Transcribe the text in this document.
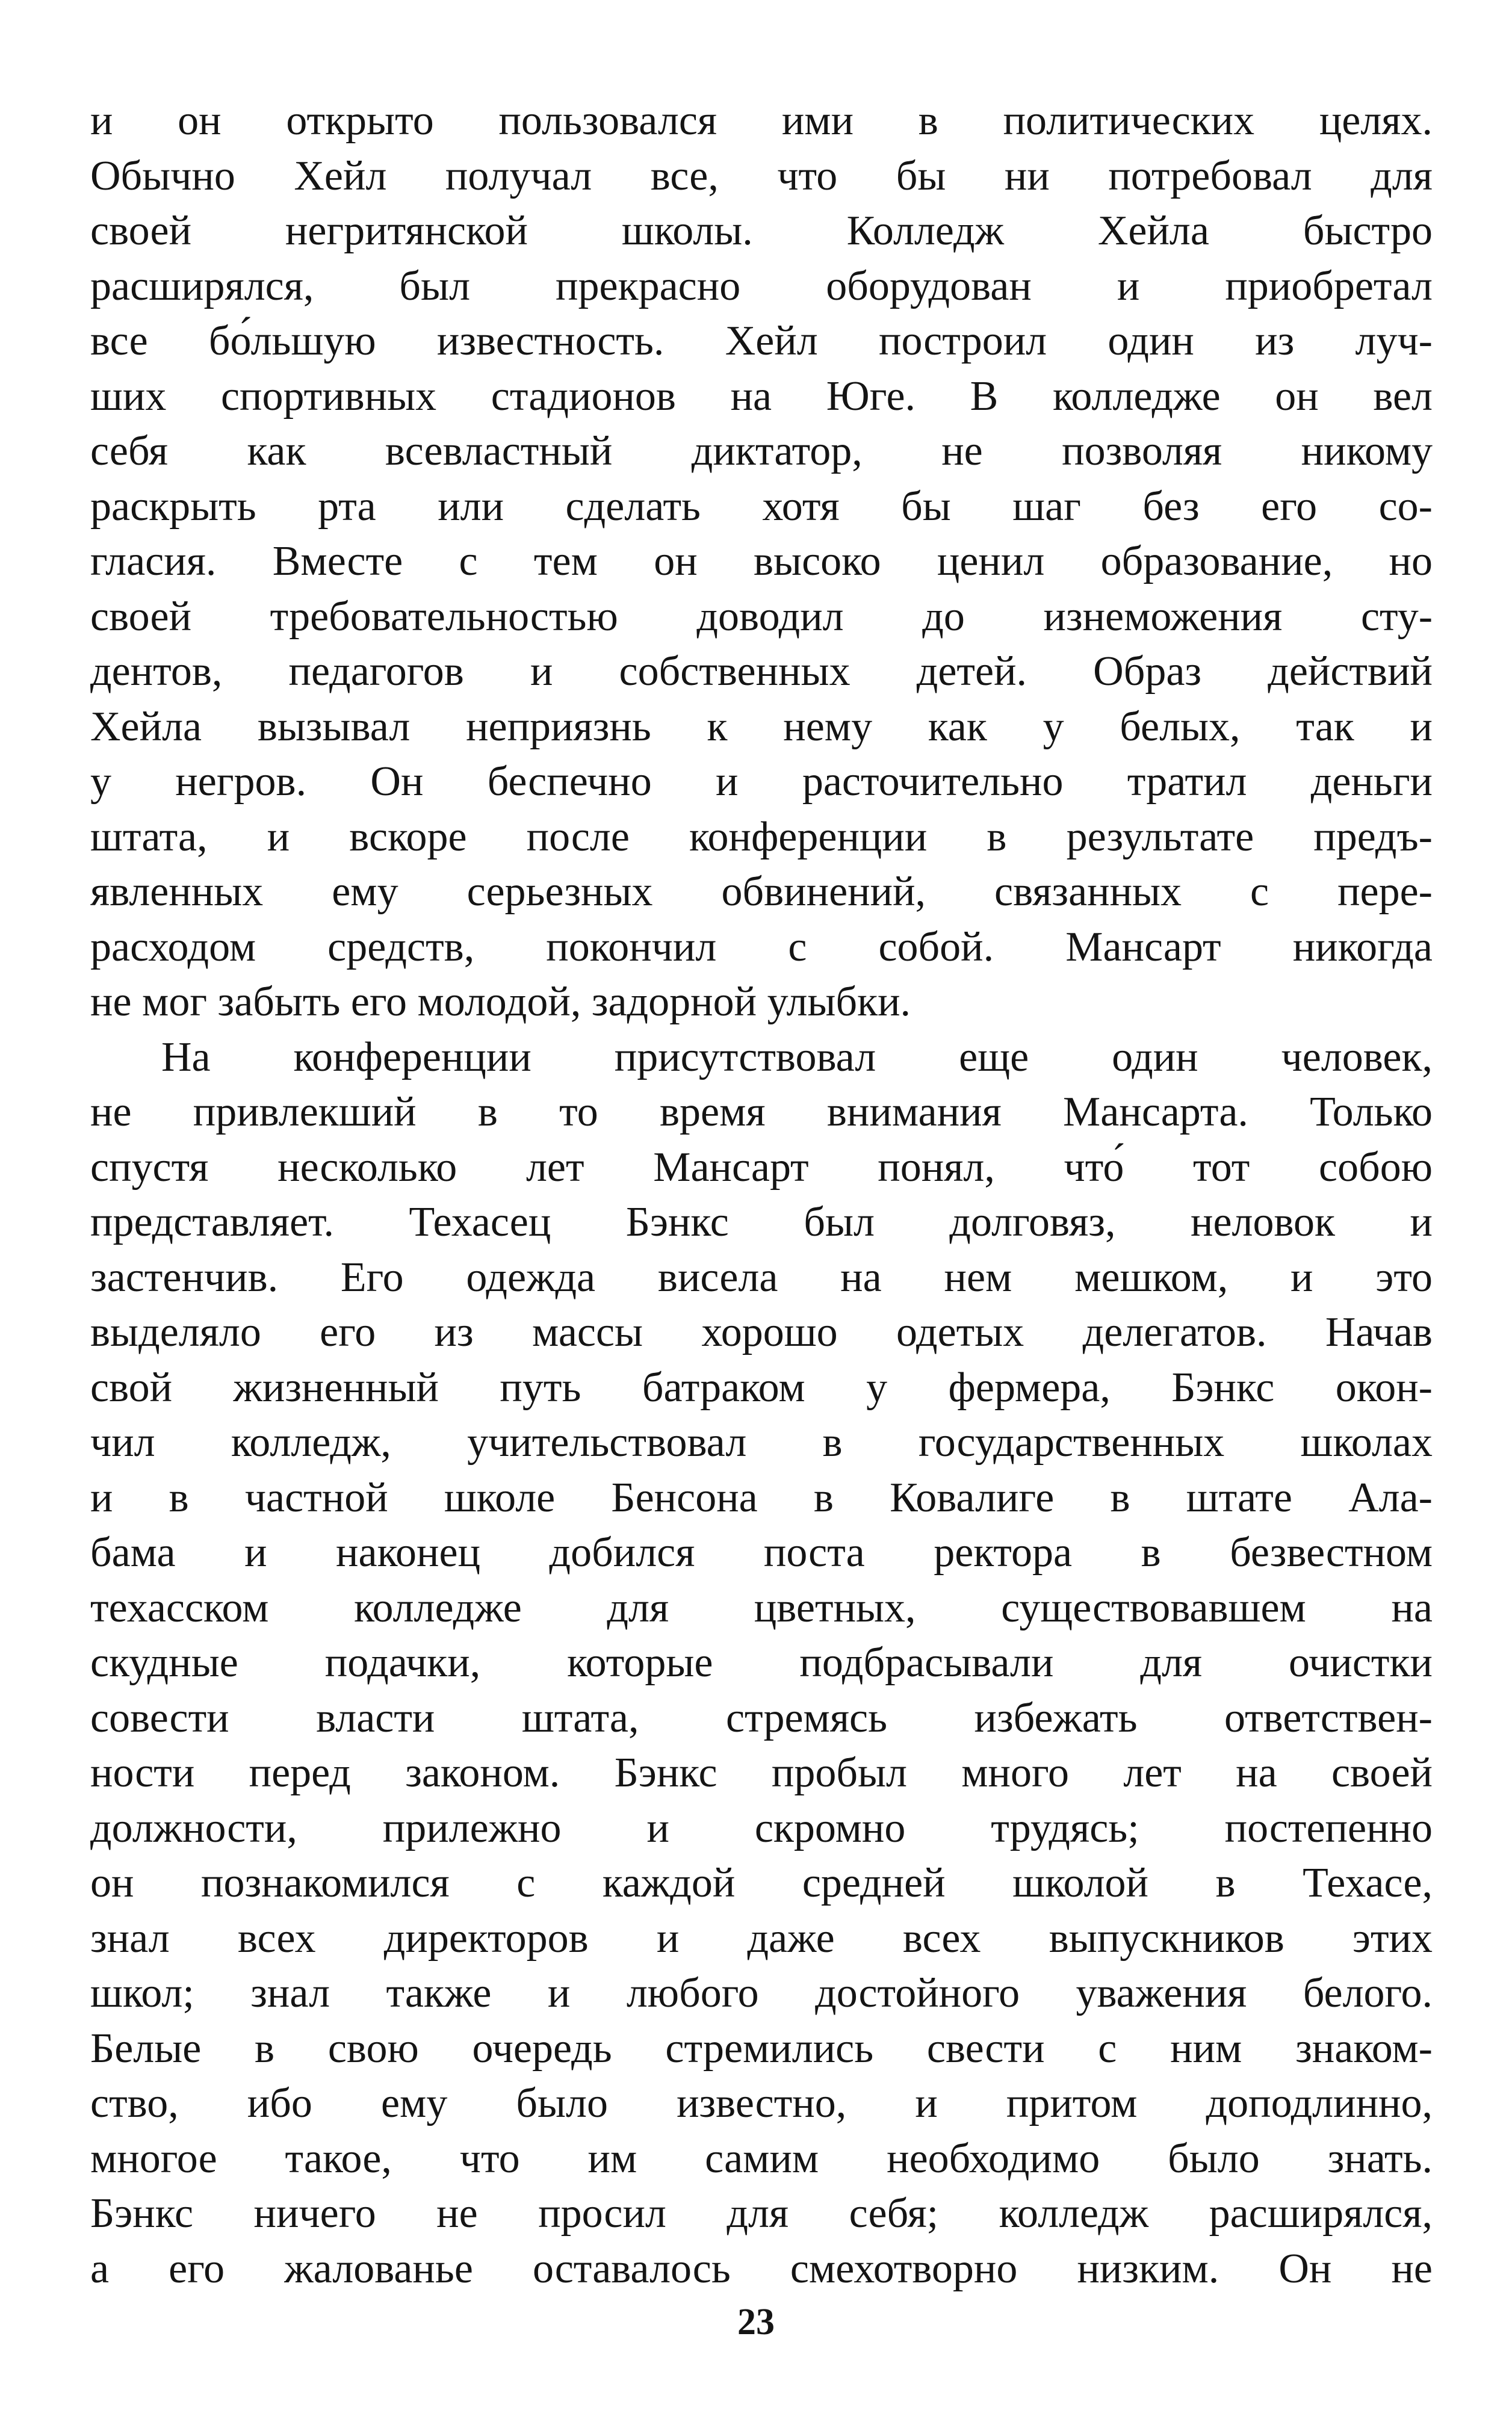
и он открыто пользовался ими в политических целях.
Обычно Хейл получал все, что бы ни потребовал для
своей негритянской школы. Колледж Хейла быстро
расширялся, был прекрасно оборудован и приобретал
все бо́льшую известность. Хейл построил один из луч-
ших спортивных стадионов на Юге. В колледже он вел
себя как всевластный диктатор, не позволяя никому
раскрыть рта или сделать хотя бы шаг без его со-
гласия. Вместе с тем он высоко ценил образование, но
своей требовательностью доводил до изнеможения сту-
дентов, педагогов и собственных детей. Образ действий
Хейла вызывал неприязнь к нему как у белых, так и
у негров. Он беспечно и расточительно тратил деньги
штата, и вскоре после конференции в результате предъ-
явленных ему серьезных обвинений, связанных с пере-
расходом средств, покончил с собой. Мансарт никогда
не мог забыть его молодой, задорной улыбки.
На конференции присутствовал еще один человек,
не привлекший в то время внимания Мансарта. Только
спустя несколько лет Мансарт понял, что́ тот собою
представляет. Техасец Бэнкс был долговяз, неловок и
застенчив. Его одежда висела на нем мешком, и это
выделяло его из массы хорошо одетых делегатов. Начав
свой жизненный путь батраком у фермера, Бэнкс окон-
чил колледж, учительствовал в государственных школах
и в частной школе Бенсона в Ковалиге в штате Ала-
бама и наконец добился поста ректора в безвестном
техасском колледже для цветных, существовавшем на
скудные подачки, которые подбрасывали для очистки
совести власти штата, стремясь избежать ответствен-
ности перед законом. Бэнкс пробыл много лет на своей
должности, прилежно и скромно трудясь; постепенно
он познакомился с каждой средней школой в Техасе,
знал всех директоров и даже всех выпускников этих
школ; знал также и любого достойного уважения белого.
Белые в свою очередь стремились свести с ним знаком-
ство, ибо ему было известно, и притом доподлинно,
многое такое, что им самим необходимо было знать.
Бэнкс ничего не просил для себя; колледж расширялся,
а его жалованье оставалось смехотворно низким. Он не
23
